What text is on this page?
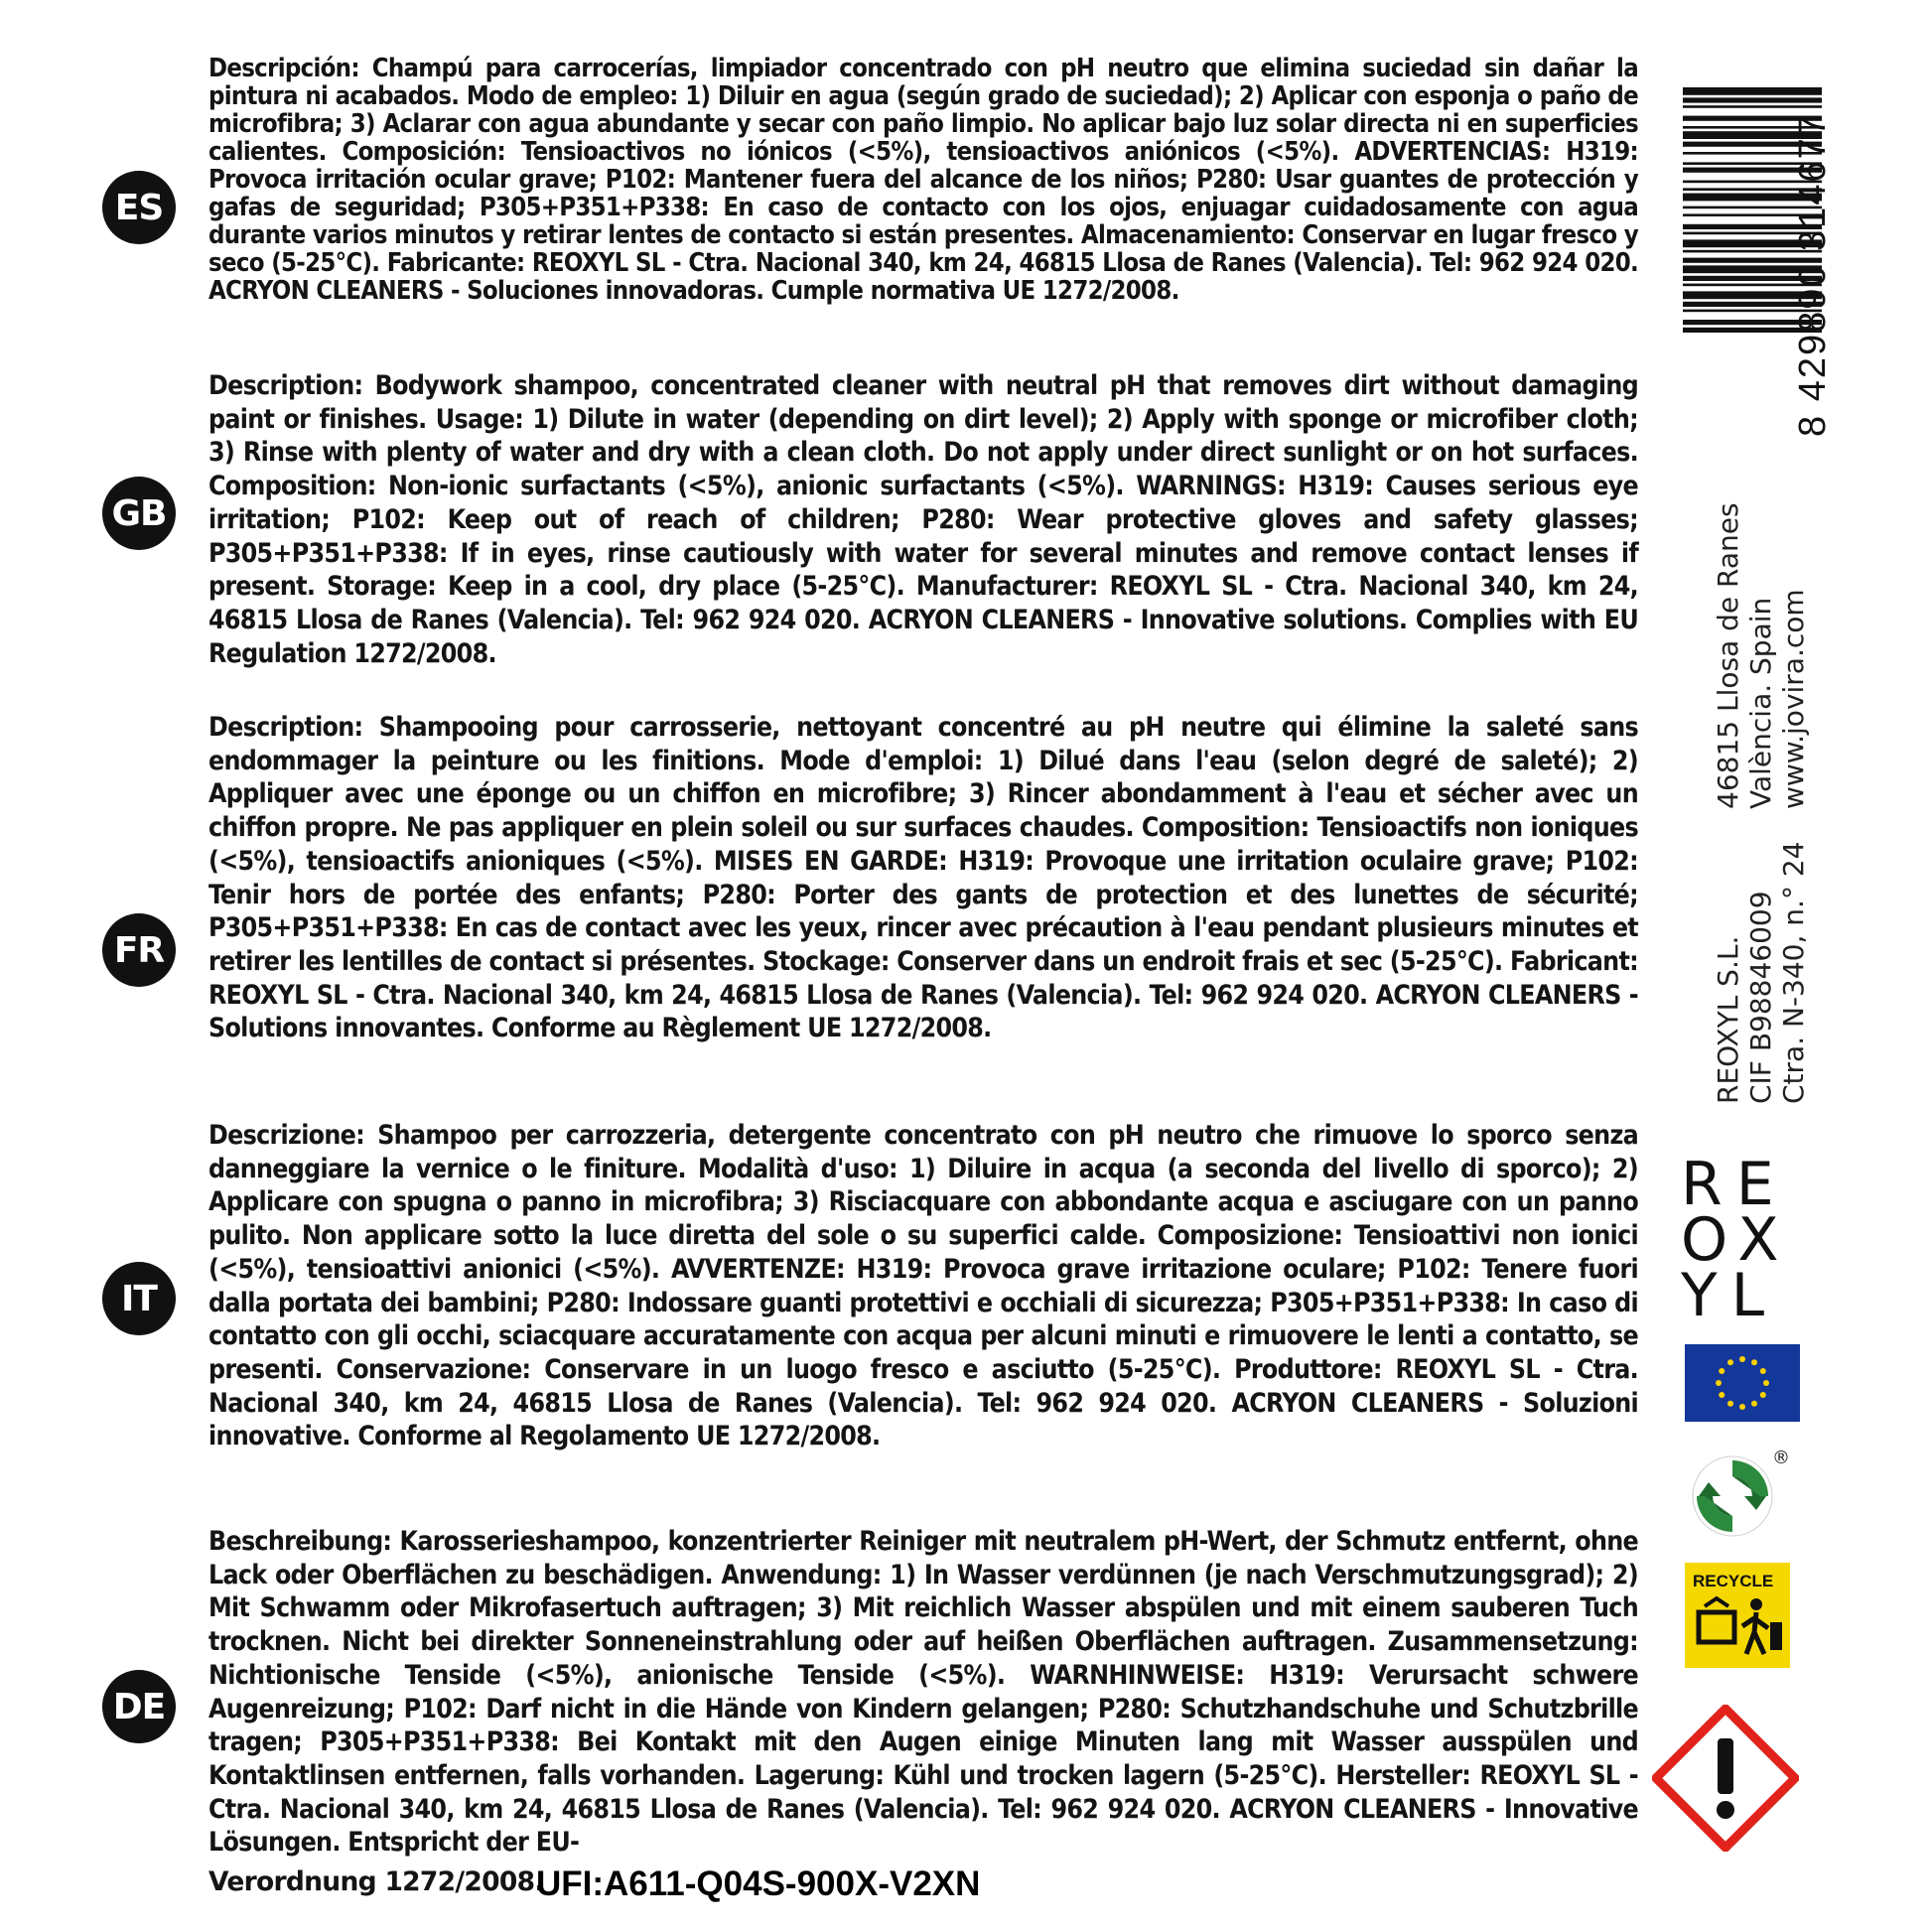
ES

Descripción: Champú para carrocerías, limpiador concentrado con pH neutro que elimina suciedad sin dañar la pintura ni acabados. Modo de empleo: 1) Diluir en agua (según grado de suciedad); 2) Aplicar con esponja o paño de microfibra; 3) Aclarar con agua abundante y secar con paño limpio. No aplicar bajo luz solar directa ni en superficies calientes. Composición: Tensioactivos no iónicos (<5%), tensioactivos aniónicos (<5%). ADVERTENCIAS: H319: Provoca irritación ocular grave; P102: Mantener fuera del alcance de los niños; P280: Usar guantes de protección y gafas de seguridad; P305+P351+P338: En caso de contacto con los ojos, enjuagar cuidadosamente con agua durante varios minutos y retirar lentes de contacto si están presentes. Almacenamiento: Conservar en lugar fresco y seco (5-25°C). Fabricante: REOXYL SL - Ctra. Nacional 340, km 24, 46815 Llosa de Ranes (Valencia). Tel: 962 924 020. ACRYON CLEANERS - Soluciones innovadoras. Cumple normativa UE 1272/2008.

GB

Description: Bodywork shampoo, concentrated cleaner with neutral pH that removes dirt without damaging paint or finishes. Usage: 1) Dilute in water (depending on dirt level); 2) Apply with sponge or microfiber cloth; 3) Rinse with plenty of water and dry with a clean cloth. Do not apply under direct sunlight or on hot surfaces. Composition: Non-ionic surfactants (<5%), anionic surfactants (<5%). WARNINGS: H319: Causes serious eye irritation; P102: Keep out of reach of children; P280: Wear protective gloves and safety glasses; P305+P351+P338: If in eyes, rinse cautiously with water for several minutes and remove contact lenses if present. Storage: Keep in a cool, dry place (5-25°C). Manufacturer: REOXYL SL - Ctra. Nacional 340, km 24, 46815 Llosa de Ranes (Valencia). Tel: 962 924 020. ACRYON CLEANERS - Innovative solutions. Complies with EU Regulation 1272/2008.

FR

Description: Shampooing pour carrosserie, nettoyant concentré au pH neutre qui élimine la saleté sans endommager la peinture ou les finitions. Mode d'emploi: 1) Dilué dans l'eau (selon degré de saleté); 2) Appliquer avec une éponge ou un chiffon en microfibre; 3) Rincer abondamment à l'eau et sécher avec un chiffon propre. Ne pas appliquer en plein soleil ou sur surfaces chaudes. Composition: Tensioactifs non ioniques (<5%), tensioactifs anioniques (<5%). MISES EN GARDE: H319: Provoque une irritation oculaire grave; P102: Tenir hors de portée des enfants; P280: Porter des gants de protection et des lunettes de sécurité; P305+P351+P338: En cas de contact avec les yeux, rincer avec précaution à l'eau pendant plusieurs minutes et retirer les lentilles de contact si présentes. Stockage: Conserver dans un endroit frais et sec (5-25°C). Fabricant: REOXYL SL - Ctra. Nacional 340, km 24, 46815 Llosa de Ranes (Valencia). Tel: 962 924 020. ACRYON CLEANERS - Solutions innovantes. Conforme au Règlement UE 1272/2008.

IT

Descrizione: Shampoo per carrozzeria, detergente concentrato con pH neutro che rimuove lo sporco senza danneggiare la vernice o le finiture. Modalità d'uso: 1) Diluire in acqua (a seconda del livello di sporco); 2) Applicare con spugna o panno in microfibra; 3) Risciacquare con abbondante acqua e asciugare con un panno pulito. Non applicare sotto la luce diretta del sole o su superfici calde. Composizione: Tensioattivi non ionici (<5%), tensioattivi anionici (<5%). AVVERTENZE: H319: Provoca grave irritazione oculare; P102: Tenere fuori dalla portata dei bambini; P280: Indossare guanti protettivi e occhiali di sicurezza; P305+P351+P338: In caso di contatto con gli occhi, sciacquare accuratamente con acqua per alcuni minuti e rimuovere le lenti a contatto, se presenti. Conservazione: Conservare in un luogo fresco e asciutto (5-25°C). Produttore: REOXYL SL - Ctra. Nacional 340, km 24, 46815 Llosa de Ranes (Valencia). Tel: 962 924 020. ACRYON CLEANERS - Soluzioni innovative. Conforme al Regolamento UE 1272/2008.

DE

Beschreibung: Karosserieshampoo, konzentrierter Reiniger mit neutralem pH-Wert, der Schmutz entfernt, ohne Lack oder Oberflächen zu beschädigen. Anwendung: 1) In Wasser verdünnen (je nach Verschmutzungsgrad); 2) Mit Schwamm oder Mikrofasertuch auftragen; 3) Mit reichlich Wasser abspülen und mit einem sauberen Tuch trocknen. Nicht bei direkter Sonneneinstrahlung oder auf heißen Oberflächen auftragen. Zusammensetzung: Nichtionische Tenside (<5%), anionische Tenside (<5%). WARNHINWEISE: H319: Verursacht schwere Augenreizung; P102: Darf nicht in die Hände von Kindern gelangen; P280: Schutzhandschuhe und Schutzbrille tragen; P305+P351+P338: Bei Kontakt mit den Augen einige Minuten lang mit Wasser ausspülen und Kontaktlinsen entfernen, falls vorhanden. Lagerung: Kühl und trocken lagern (5-25°C). Hersteller: REOXYL SL - Ctra. Nacional 340, km 24, 46815 Llosa de Ranes (Valencia). Tel: 962 924 020. ACRYON CLEANERS - Innovative Lösungen. Entspricht der EU-

Verordnung 1272/2008.
UFI:A611-Q04S-900X-V2XN
8 429890 314677
46815 Llosa de Ranes València. Spain www.jovira.com
REOXYL S.L. CIF B98846009 Ctra. N-340, n.° 24
RE
OX
YL
®
RECYCLE
